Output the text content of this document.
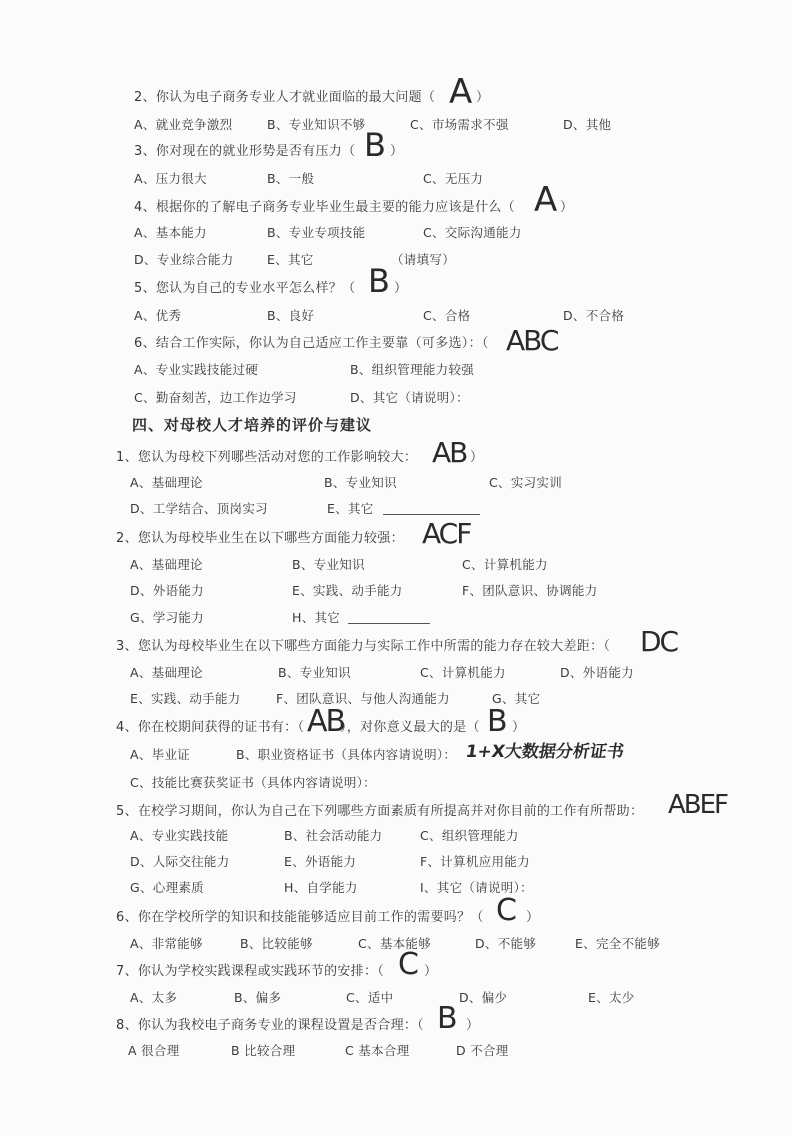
2、你认为电子商务专业人才就业面临的最大问题（ A ）
A、就业竞争激烈	B、专业知识不够	C、市场需求不强	D、其他
3、你对现在的就业形势是否有压力（ B ）
A、压力很大	B、一般	C、无压力
4、根据你的了解电子商务专业毕业生最主要的能力应该是什么（ A ）
A、基本能力	B、专业专项技能	C、交际沟通能力
D、专业综合能力	E、其它	（请填写）
5、您认为自己的专业水平怎么样？（ B ）
A、优秀	B、良好	C、合格	D、不合格
6、结合工作实际，你认为自己适应工作主要靠（可多选）：（ ABC
A、专业实践技能过硬	B、组织管理能力较强
C、勤奋刻苦，边工作边学习	D、其它（请说明）：
四、对母校人才培养的评价与建议
1、您认为母校下列哪些活动对您的工作影响较大： AB ）
A、基础理论	B、专业知识	C、实习实训
D、工学结合、顶岗实习	E、其它
2、您认为母校毕业生在以下哪些方面能力较强： ACF
A、基础理论	B、专业知识	C、计算机能力
D、外语能力	E、实践、动手能力	F、团队意识、协调能力
G、学习能力	H、其它
3、您认为母校毕业生在以下哪些方面能力与实际工作中所需的能力存在较大差距：（ DC
A、基础理论	B、专业知识	C、计算机能力	D、外语能力
E、实践、动手能力	F、团队意识、与他人沟通能力	G、其它
4、你在校期间获得的证书有：（ AB
），对你意义最大的是（ B ）
A、毕业证	B、职业资格证书（具体内容请说明）： 1+X大数据分析证书
C、技能比赛获奖证书（具体内容请说明）：
5、在校学习期间，你认为自己在下列哪些方面素质有所提高并对你目前的工作有所帮助： ABEF
A、专业实践技能	B、社会活动能力	C、组织管理能力
D、人际交往能力	E、外语能力	F、计算机应用能力
G、心理素质	H、自学能力	I、其它（请说明）：
6、你在学校所学的知识和技能能够适应目前工作的需要吗？（ C ）
A、非常能够	B、比较能够	C、基本能够	D、不能够	E、完全不能够
7、你认为学校实践课程或实践环节的安排：（ C ）
A、太多	B、偏多	C、适中	D、偏少	E、太少
8、你认为我校电子商务专业的课程设置是否合理：（ B ）
A 很合理	B 比较合理	C 基本合理	D 不合理
